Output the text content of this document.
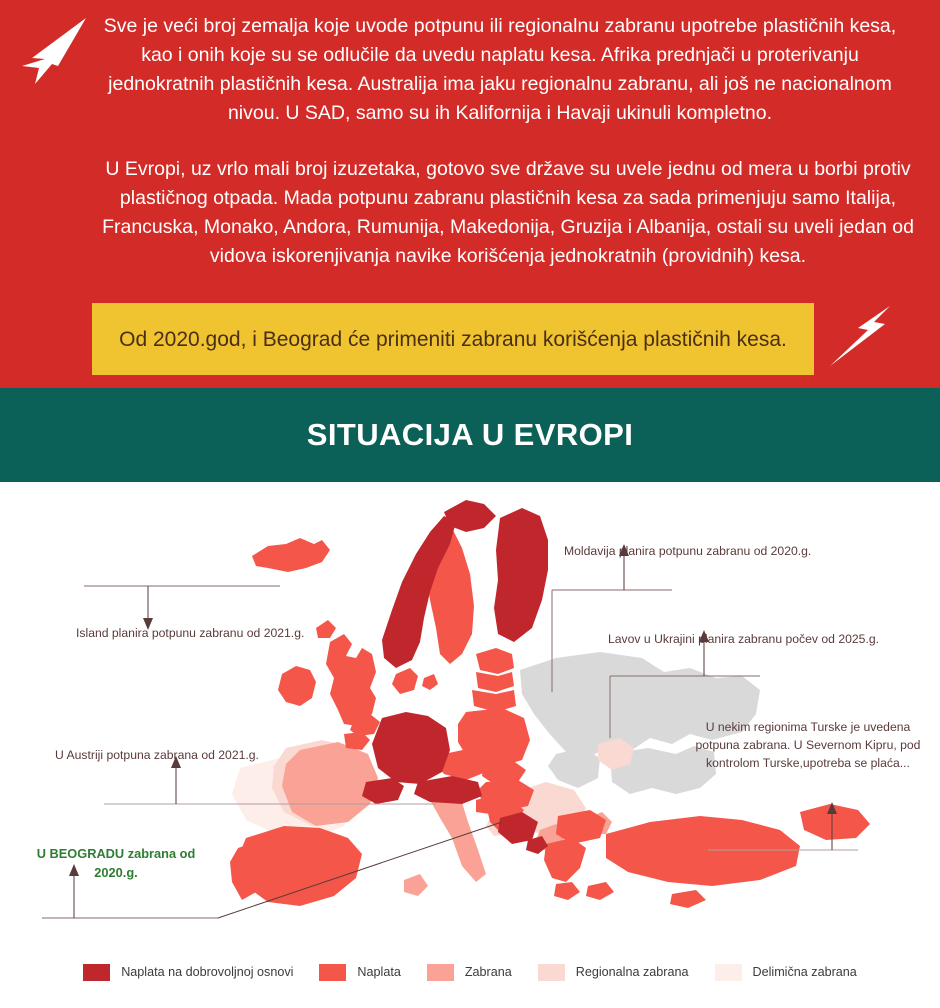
Sve je veći broj zemalja koje uvode potpunu ili regionalnu zabranu upotrebe plastičnih kesa, kao i onih koje su se odlučile da uvedu naplatu kesa. Afrika prednjači u proterivanju jednokratnih plastičnih kesa. Australija ima jaku regionalnu zabranu, ali još ne nacionalnom nivou. U SAD, samo su ih Kalifornija i Havaji ukinuli kompletno.

U Evropi, uz vrlo mali broj izuzetaka, gotovo sve države su uvele jednu od mera u borbi protiv plastičnog otpada. Mada potpunu zabranu plastičnih kesa za sada primenjuju samo Italija, Francuska, Monako, Andora, Rumunija, Makedonija, Gruzija i Albanija, ostali su uveli jedan od vidova iskorenjivanja navike korišćenja jednokratnih (providnih) kesa.

Od 2020.god, i Beograd će primeniti zabranu korišćenja plastičnih kesa.
SITUACIJA U EVROPI
Island planira potpunu zabranu od 2021.g.
Moldavija planira potpunu zabranu od 2020.g.
Lavov u Ukrajini planira zabranu počev od 2025.g.
U Austriji potpuna zabrana od 2021.g.
U nekim regionima Turske je uvedena potpuna zabrana. U Severnom Kipru, pod kontrolom Turske,upotreba se plaća...
U BEOGRADU zabrana od 2020.g.
Naplata na dobrovoljnoj osnovi	Naplata	Zabrana	Regionalna zabrana	Delimična zabrana
